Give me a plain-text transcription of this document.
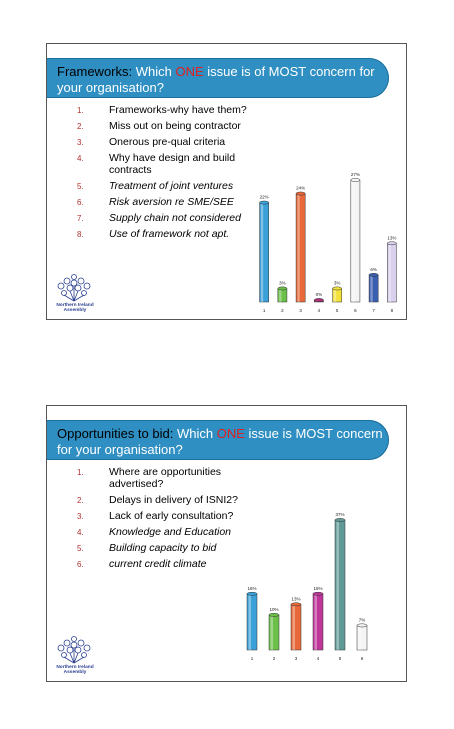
Frameworks: Which ONE issue is of MOST concern for your organisation?
1.	Frameworks-why have them?
2.	Miss out on being contractor
3.	Onerous pre-qual criteria
4.	Why have design and build contracts
5.	Treatment of joint ventures
6.	Risk aversion re SME/SEE
7.	Supply chain not considered
8.	Use of framework not apt.
22%
1
3%
2
24%
3
0%
4
3%
5
27%
6
6%
7
13%
8
Northern Ireland Assembly
Opportunities to bid: Which ONE issue is MOST concern for your organisation?
1.	Where are opportunities advertised?
2.	Delays in delivery of ISNI2?
3.	Lack of early consultation?
4.	Knowledge and Education
5.	Building capacity to bid
6.	current credit climate
16%
1
10%
2
13%
3
16%
4
37%
5
7%
6
Northern Ireland Assembly
